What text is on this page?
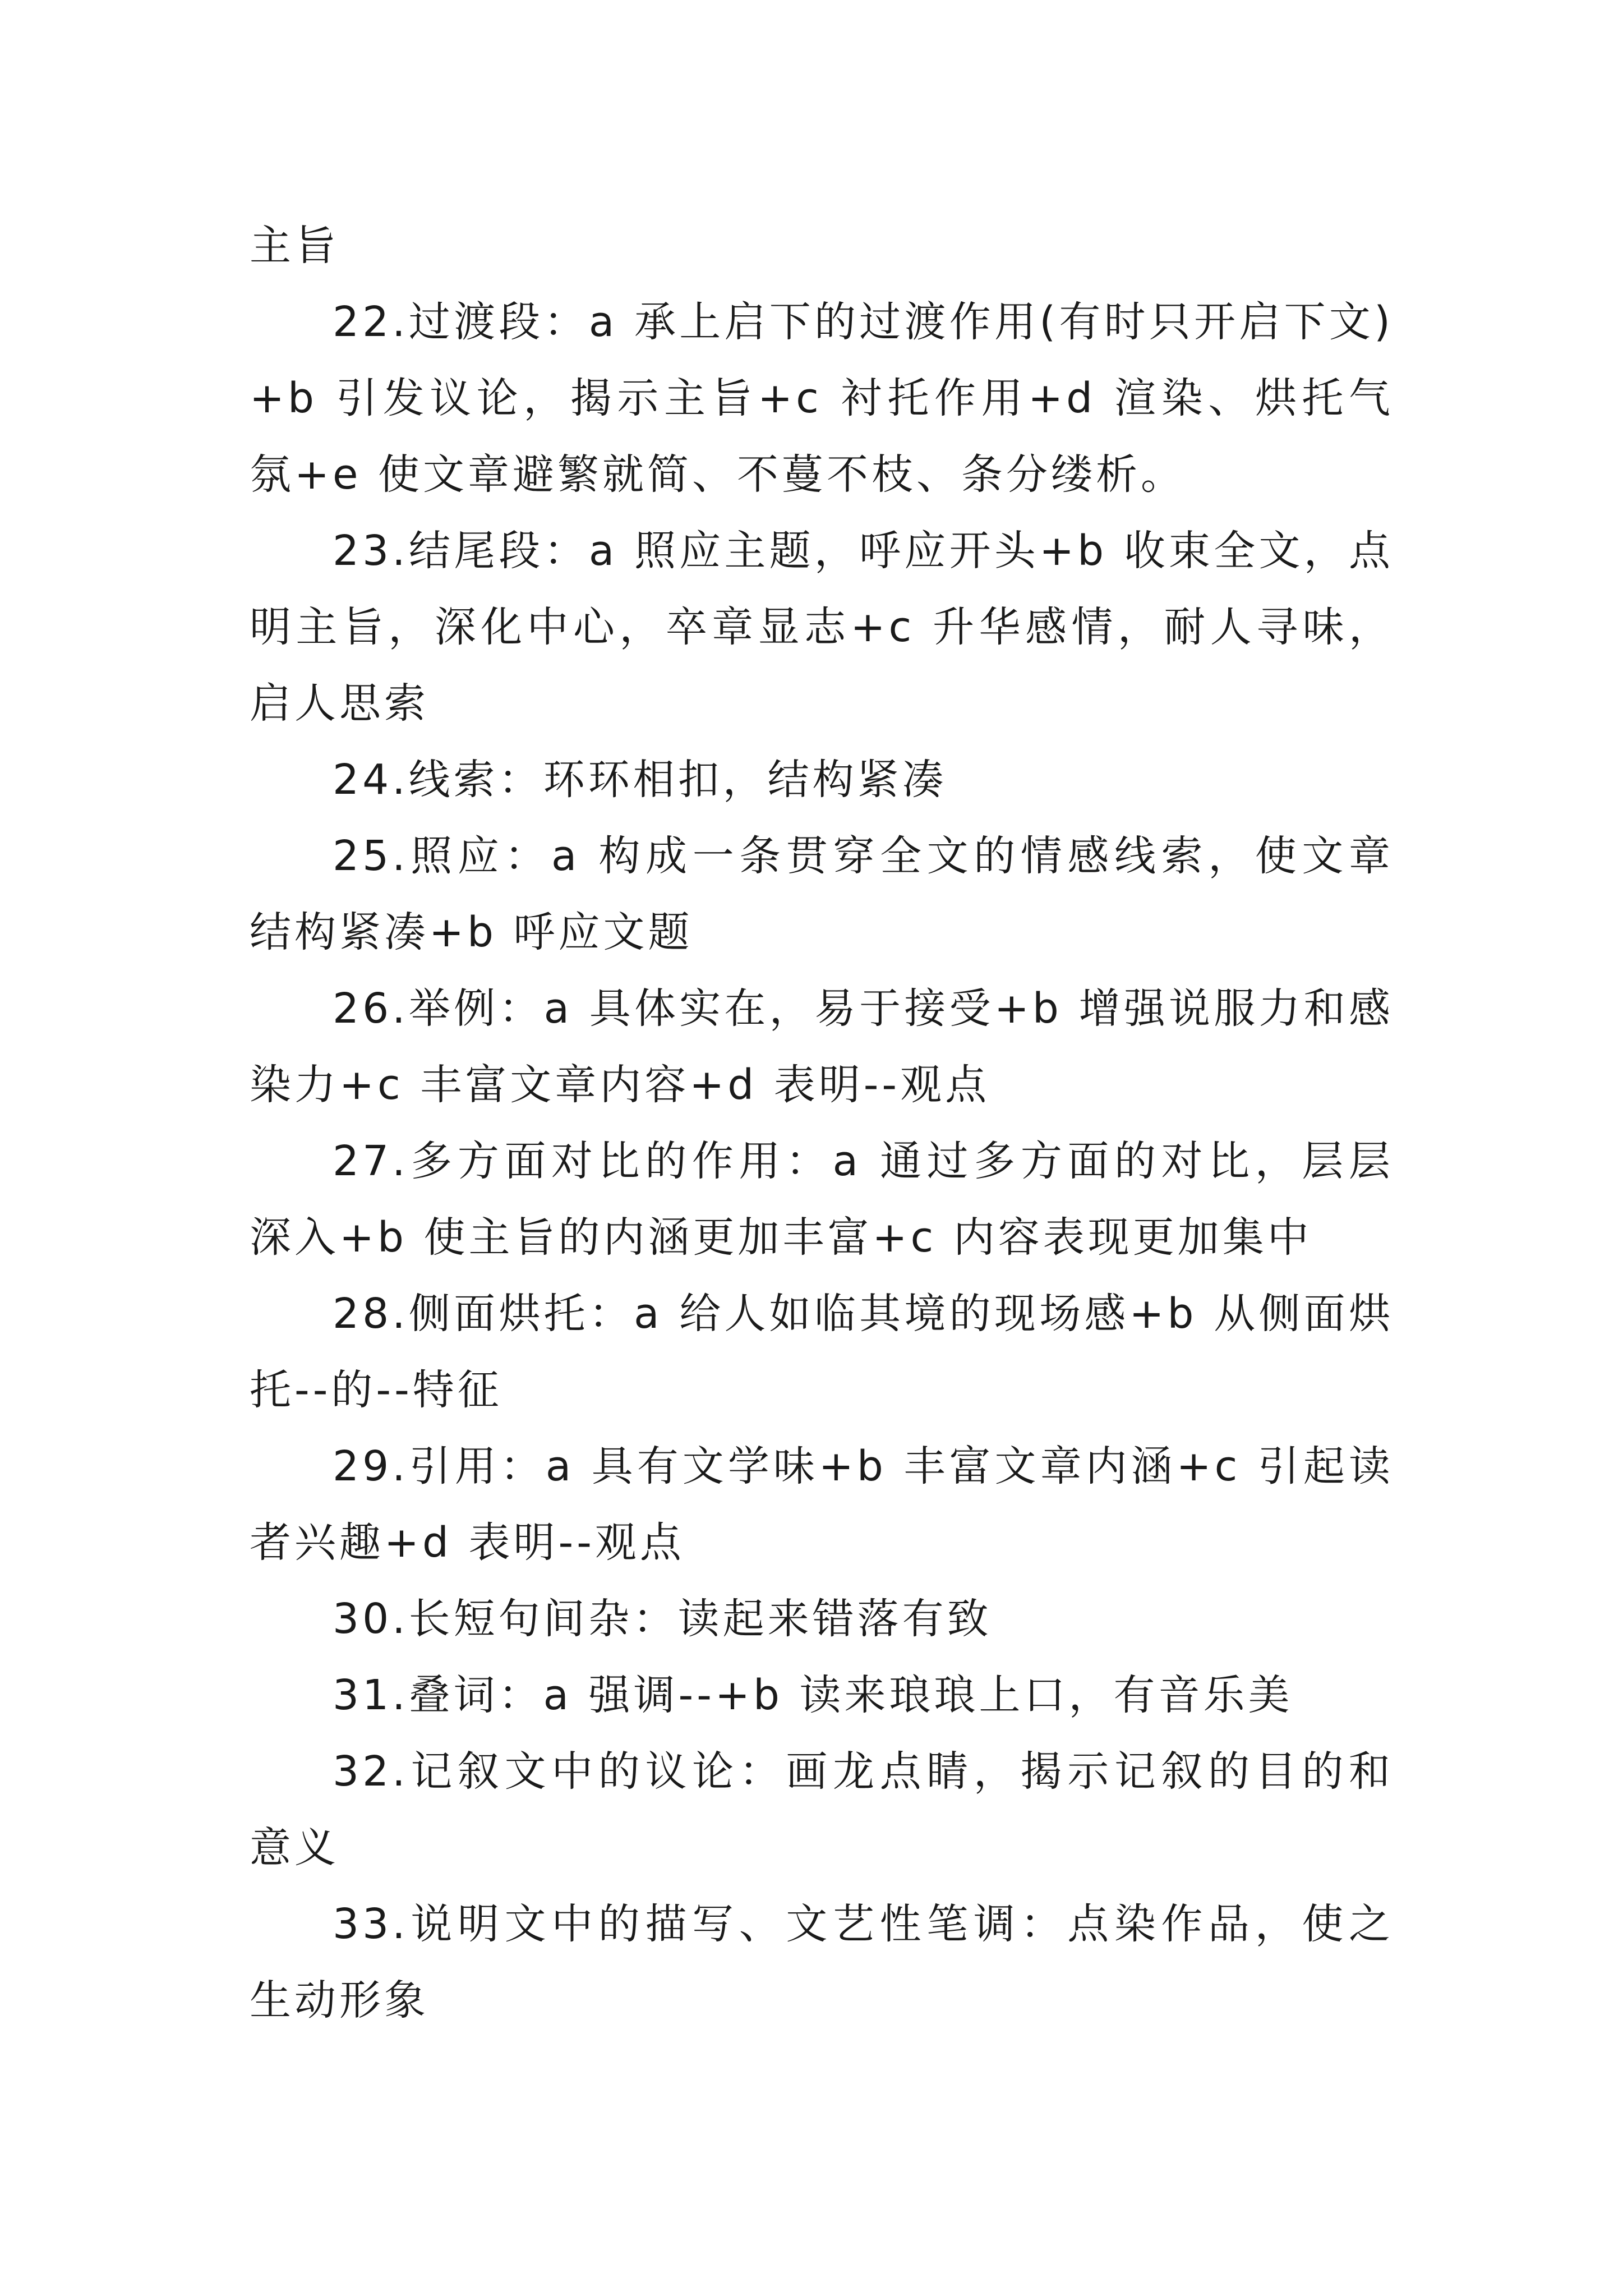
主旨

22.过渡段：a 承上启下的过渡作用(有时只开启下文)+b 引发议论，揭示主旨+c 衬托作用+d 渲染、烘托气氛+e 使文章避繁就简、不蔓不枝、条分缕析。

23.结尾段：a 照应主题，呼应开头+b 收束全文，点明主旨，深化中心，卒章显志+c 升华感情，耐人寻味，启人思索

24.线索：环环相扣，结构紧凑

25.照应：a 构成一条贯穿全文的情感线索，使文章结构紧凑+b 呼应文题

26.举例：a 具体实在，易于接受+b 增强说服力和感染力+c 丰富文章内容+d 表明--观点

27.多方面对比的作用：a 通过多方面的对比，层层深入+b 使主旨的内涵更加丰富+c 内容表现更加集中

28.侧面烘托：a 给人如临其境的现场感+b 从侧面烘托--的--特征

29.引用：a 具有文学味+b 丰富文章内涵+c 引起读者兴趣+d 表明--观点

30.长短句间杂：读起来错落有致

31.叠词：a 强调--+b 读来琅琅上口，有音乐美

32.记叙文中的议论：画龙点睛，揭示记叙的目的和意义

33.说明文中的描写、文艺性笔调：点染作品，使之生动形象
